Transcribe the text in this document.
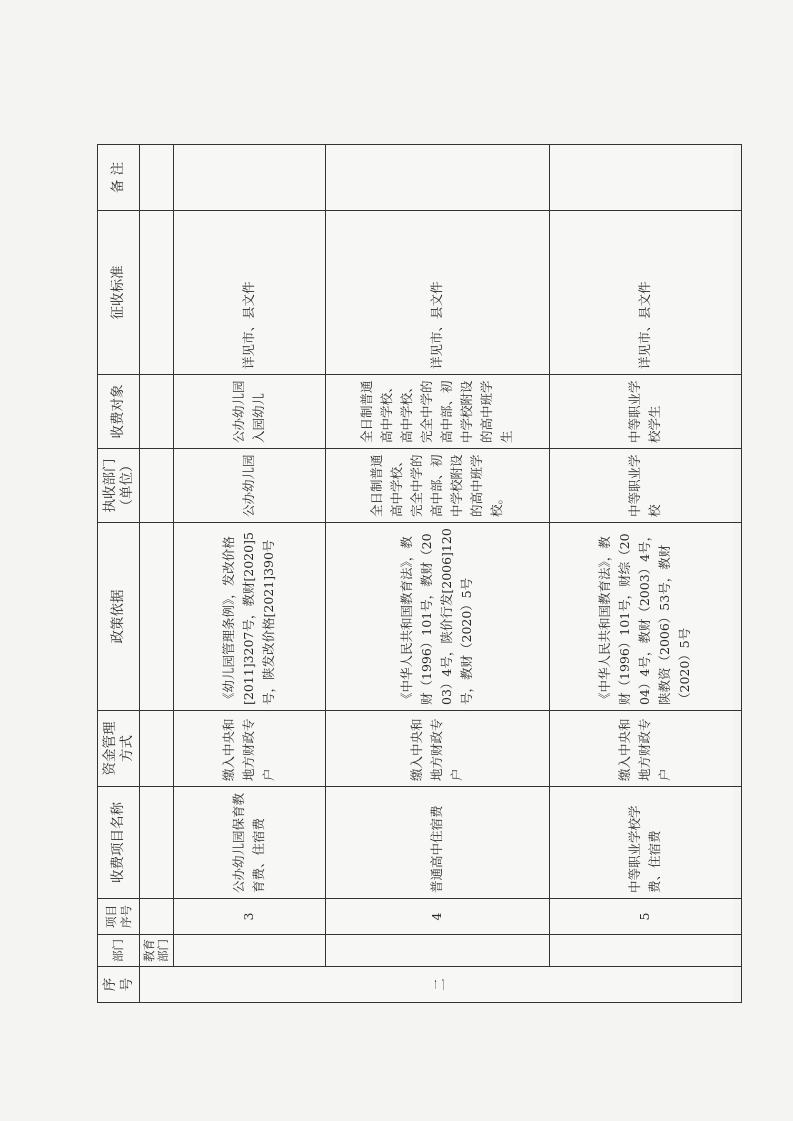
序号	部门	项目序号	收费项目名称	资金管理方式	政策依据	执收部门（单位）	收费对象	征收标准	备 注
二	教育部门								
		3	公办幼儿园保育教育费、住宿费	缴入中央和地方财政专户	《幼儿园管理条例》，发改价格[2011]3207号，教财[2020]5号，陕发改价格[2021]390号	公办幼儿园	公办幼儿园入园幼儿	详见市、县文件	
		4	普通高中住宿费	缴入中央和地方财政专户	《中华人民共和国教育法》，教财（1996）101号，教财（2003）4号，陕价行发[2006]120号，教财（2020）5号	全日制普通高中学校、完全中学的高中部、初中学校附设的高中班学校。	全日制普通高中学校、高中学校、完全中学的高中部、初中学校附设的高中班学生	详见市、县文件	
		5	中等职业学校学费、住宿费	缴入中央和地方财政专户	《中华人民共和国教育法》，教财（1996）101号，财综（2004）4号，教财（2003）4号，陕教资（2006）53号，教财（2020）5号	中等职业学校	中等职业学校学生	详见市、县文件	
